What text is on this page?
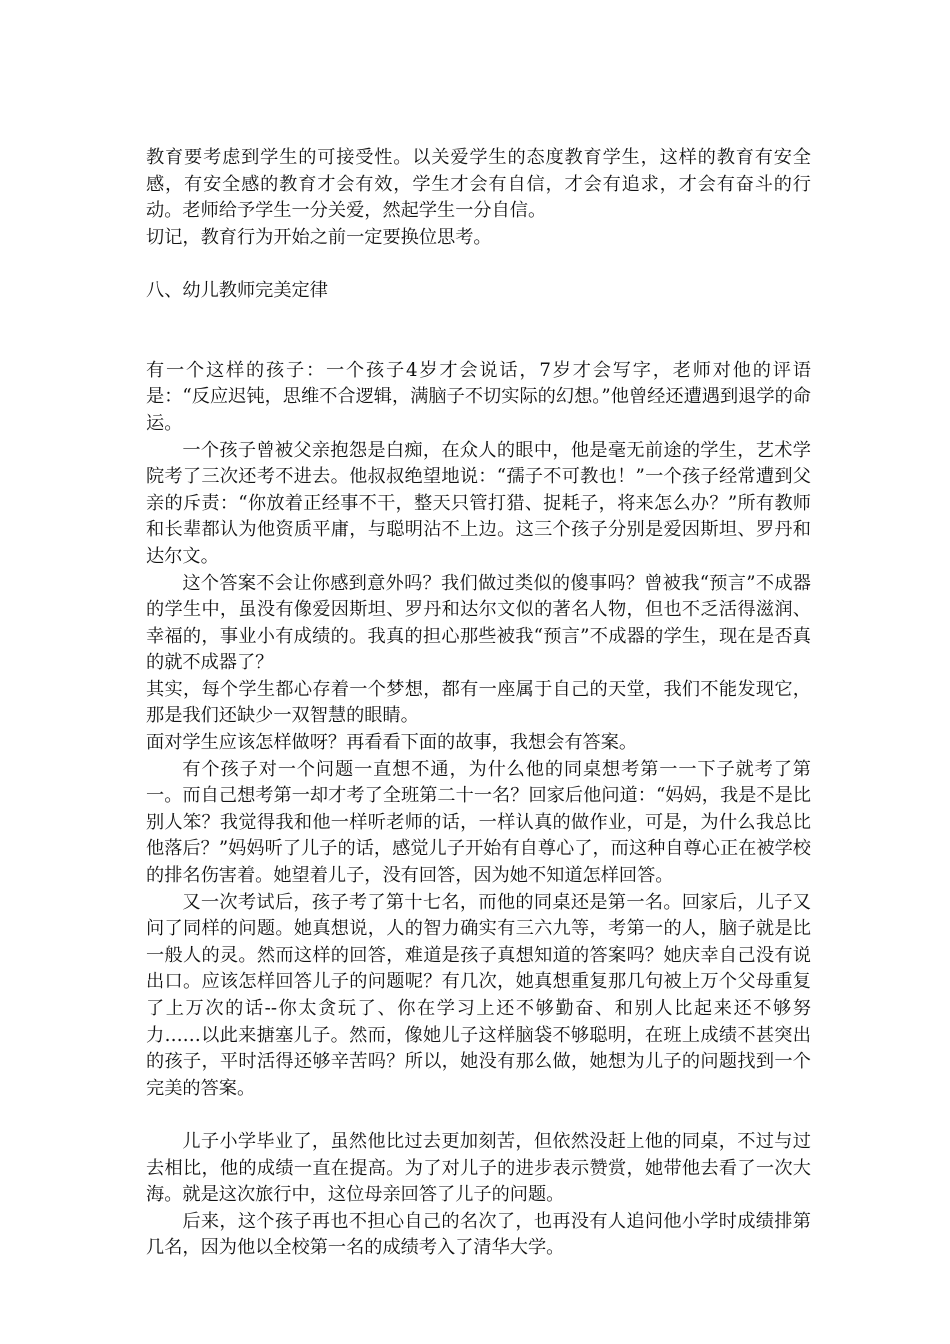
教育要考虑到学生的可接受性。以关爱学生的态度教育学生，这样的教育有安全感，有安全感的教育才会有效，学生才会有自信，才会有追求，才会有奋斗的行动。老师给予学生一分关爱，然起学生一分自信。

切记，教育行为开始之前一定要换位思考。

八、幼儿教师完美定律

有一个这样的孩子：一个孩子4岁才会说话，7岁才会写字，老师对他的评语是：“反应迟钝，思维不合逻辑，满脑子不切实际的幻想。”他曾经还遭遇到退学的命运。

一个孩子曾被父亲抱怨是白痴，在众人的眼中，他是毫无前途的学生，艺术学院考了三次还考不进去。他叔叔绝望地说：“孺子不可教也！”一个孩子经常遭到父亲的斥责：“你放着正经事不干，整天只管打猎、捉耗子，将来怎么办？”所有教师和长辈都认为他资质平庸，与聪明沾不上边。这三个孩子分别是爱因斯坦、罗丹和达尔文。

这个答案不会让你感到意外吗？我们做过类似的傻事吗？曾被我“预言”不成器的学生中，虽没有像爱因斯坦、罗丹和达尔文似的著名人物，但也不乏活得滋润、幸福的，事业小有成绩的。我真的担心那些被我“预言”不成器的学生，现在是否真的就不成器了？

其实，每个学生都心存着一个梦想，都有一座属于自己的天堂，我们不能发现它，那是我们还缺少一双智慧的眼睛。

面对学生应该怎样做呀？再看看下面的故事，我想会有答案。

有个孩子对一个问题一直想不通，为什么他的同桌想考第一一下子就考了第一。而自己想考第一却才考了全班第二十一名？回家后他问道：“妈妈，我是不是比别人笨？我觉得我和他一样听老师的话，一样认真的做作业，可是，为什么我总比他落后？”妈妈听了儿子的话，感觉儿子开始有自尊心了，而这种自尊心正在被学校的排名伤害着。她望着儿子，没有回答，因为她不知道怎样回答。

又一次考试后，孩子考了第十七名，而他的同桌还是第一名。回家后，儿子又问了同样的问题。她真想说，人的智力确实有三六九等，考第一的人，脑子就是比一般人的灵。然而这样的回答，难道是孩子真想知道的答案吗？她庆幸自己没有说出口。应该怎样回答儿子的问题呢？有几次，她真想重复那几句被上万个父母重复了上万次的话--你太贪玩了、你在学习上还不够勤奋、和别人比起来还不够努力……以此来搪塞儿子。然而，像她儿子这样脑袋不够聪明，在班上成绩不甚突出的孩子，平时活得还够辛苦吗？所以，她没有那么做，她想为儿子的问题找到一个完美的答案。

儿子小学毕业了，虽然他比过去更加刻苦，但依然没赶上他的同桌，不过与过去相比，他的成绩一直在提高。为了对儿子的进步表示赞赏，她带他去看了一次大海。就是这次旅行中，这位母亲回答了儿子的问题。

后来，这个孩子再也不担心自己的名次了，也再没有人追问他小学时成绩排第几名，因为他以全校第一名的成绩考入了清华大学。
